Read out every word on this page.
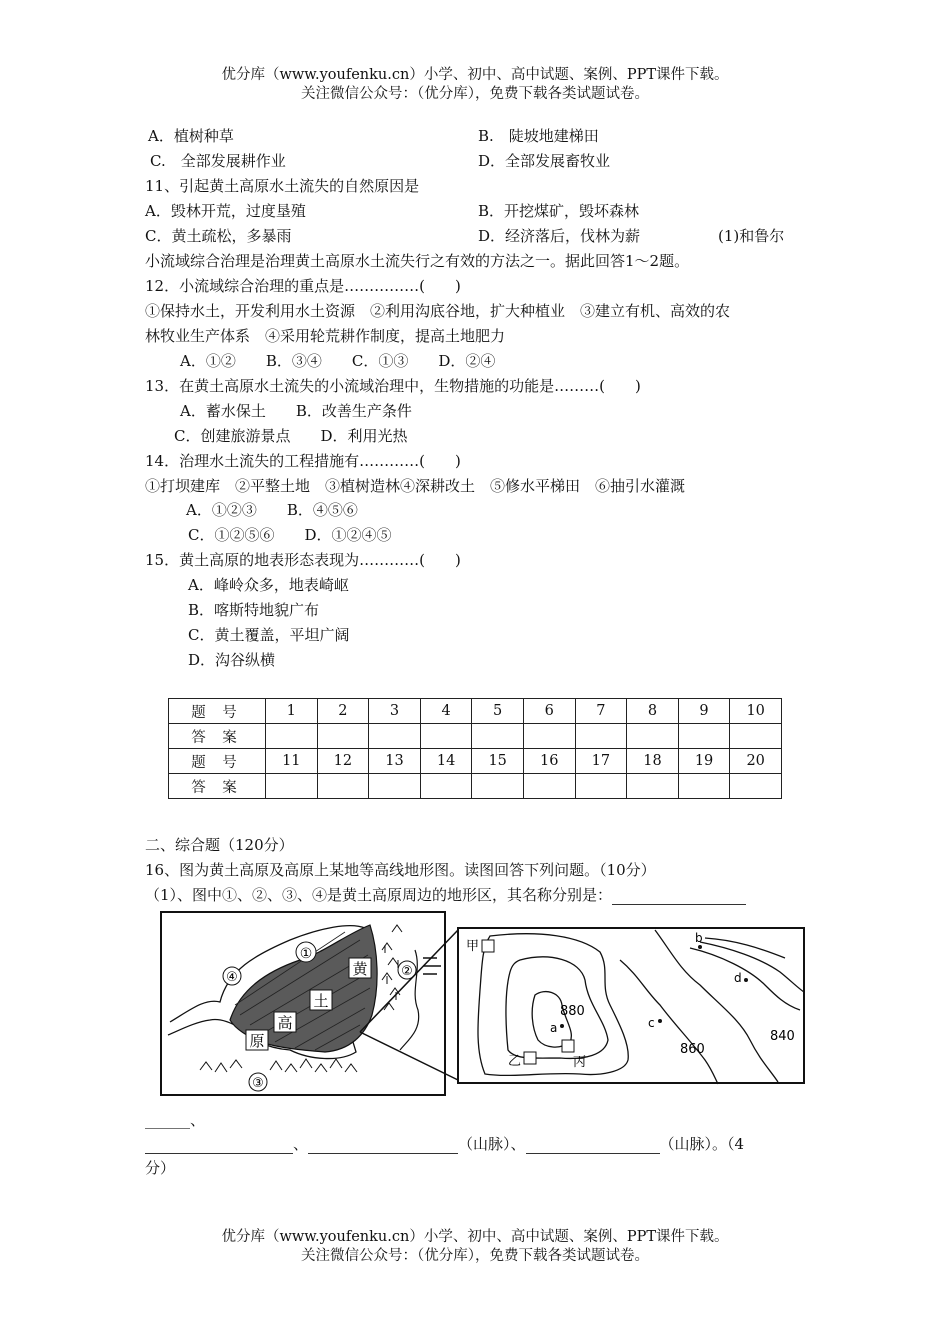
优分库（www.youfenku.cn）小学、初中、高中试题、案例、PPT课件下载。
关注微信公众号：（优分库），免费下载各类试题试卷。
A．植树种草	B.　陡坡地建梯田
C.　全部发展耕作业	D．全部发展畜牧业
11、引起黄土高原水土流失的自然原因是
A．毁林开荒，过度垦殖	B．开挖煤矿，毁坏森林
C．黄土疏松，多暴雨	D．经济落后，伐林为薪	(1)和鲁尔
小流域综合治理是治理黄土高原水土流失行之有效的方法之一。据此回答1～2题。
12．小流域综合治理的重点是……………(　　)
①保持水土，开发利用水土资源　②利用沟底谷地，扩大种植业　③建立有机、高效的农
林牧业生产体系　④采用轮荒耕作制度，提高土地肥力
A．①②　　B．③④　　C．①③　　D．②④
13．在黄土高原水土流失的小流域治理中，生物措施的功能是………(　　)
A．蓄水保土　　B．改善生产条件
C．创建旅游景点　　D．利用光热
14．治理水土流失的工程措施有…………(　　)
①打坝建库　②平整土地　③植树造林④深耕改土　⑤修水平梯田　⑥抽引水灌溉
A．①②③　　B．④⑤⑥
C．①②⑤⑥　　D．①②④⑤
15．黄土高原的地表形态表现为…………(　　)
A．峰岭众多，地表崎岖
B．喀斯特地貌广布
C．黄土覆盖，平坦广阔
D．沟谷纵横
题 号	1	2	3	4	5	6	7	8	9	10
答 案										
题 号	11	12	13	14	15	16	17	18	19	20
答 案										
二、综合题（120分）
16、图为黄土高原及高原上某地等高线地形图。读图回答下列问题。（10分）
（1）、图中①、②、③、④是黄土高原周边的地形区，其名称分别是：
黄
土
高
原
①
②
③
④
甲
乙	丙
a
b
c
d
880
860
840
______、
、	（山脉）、	（山脉）。（4
分）
优分库（www.youfenku.cn）小学、初中、高中试题、案例、PPT课件下载。
关注微信公众号：（优分库），免费下载各类试题试卷。
